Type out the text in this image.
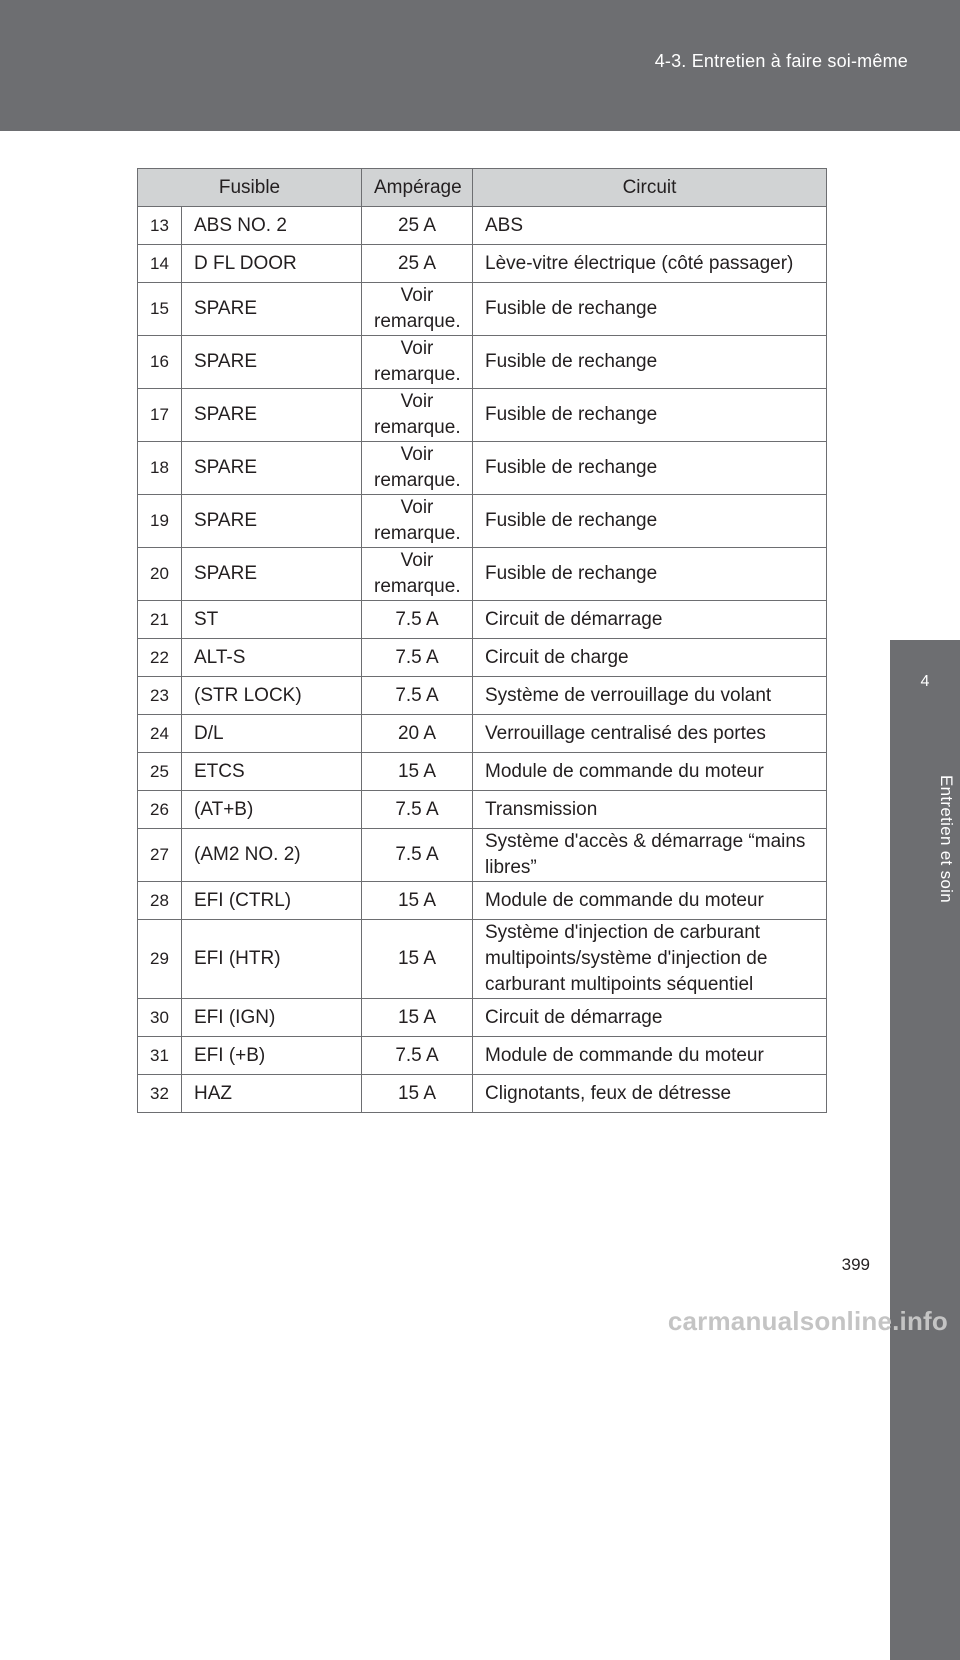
4-3. Entretien à faire soi-même
4
Entretien et soin
Fusible		Ampérage	Circuit
13	ABS NO. 2	25 A	ABS
14	D FL DOOR	25 A	Lève-vitre électrique (côté passager)
15	SPARE	Voir remarque.	Fusible de rechange
16	SPARE	Voir remarque.	Fusible de rechange
17	SPARE	Voir remarque.	Fusible de rechange
18	SPARE	Voir remarque.	Fusible de rechange
19	SPARE	Voir remarque.	Fusible de rechange
20	SPARE	Voir remarque.	Fusible de rechange
21	ST	7.5 A	Circuit de démarrage
22	ALT-S	7.5 A	Circuit de charge
23	(STR LOCK)	7.5 A	Système de verrouillage du volant
24	D/L	20 A	Verrouillage centralisé des portes
25	ETCS	15 A	Module de commande du moteur
26	(AT+B)	7.5 A	Transmission
27	(AM2 NO. 2)	7.5 A	Système d'accès & démarrage “mains libres”
28	EFI (CTRL)	15 A	Module de commande du moteur
29	EFI (HTR)	15 A	Système d'injection de carburant multipoints/système d'injection de carburant multipoints séquentiel
30	EFI (IGN)	15 A	Circuit de démarrage
31	EFI (+B)	7.5 A	Module de commande du moteur
32	HAZ	15 A	Clignotants, feux de détresse
399
carmanualsonline.info
